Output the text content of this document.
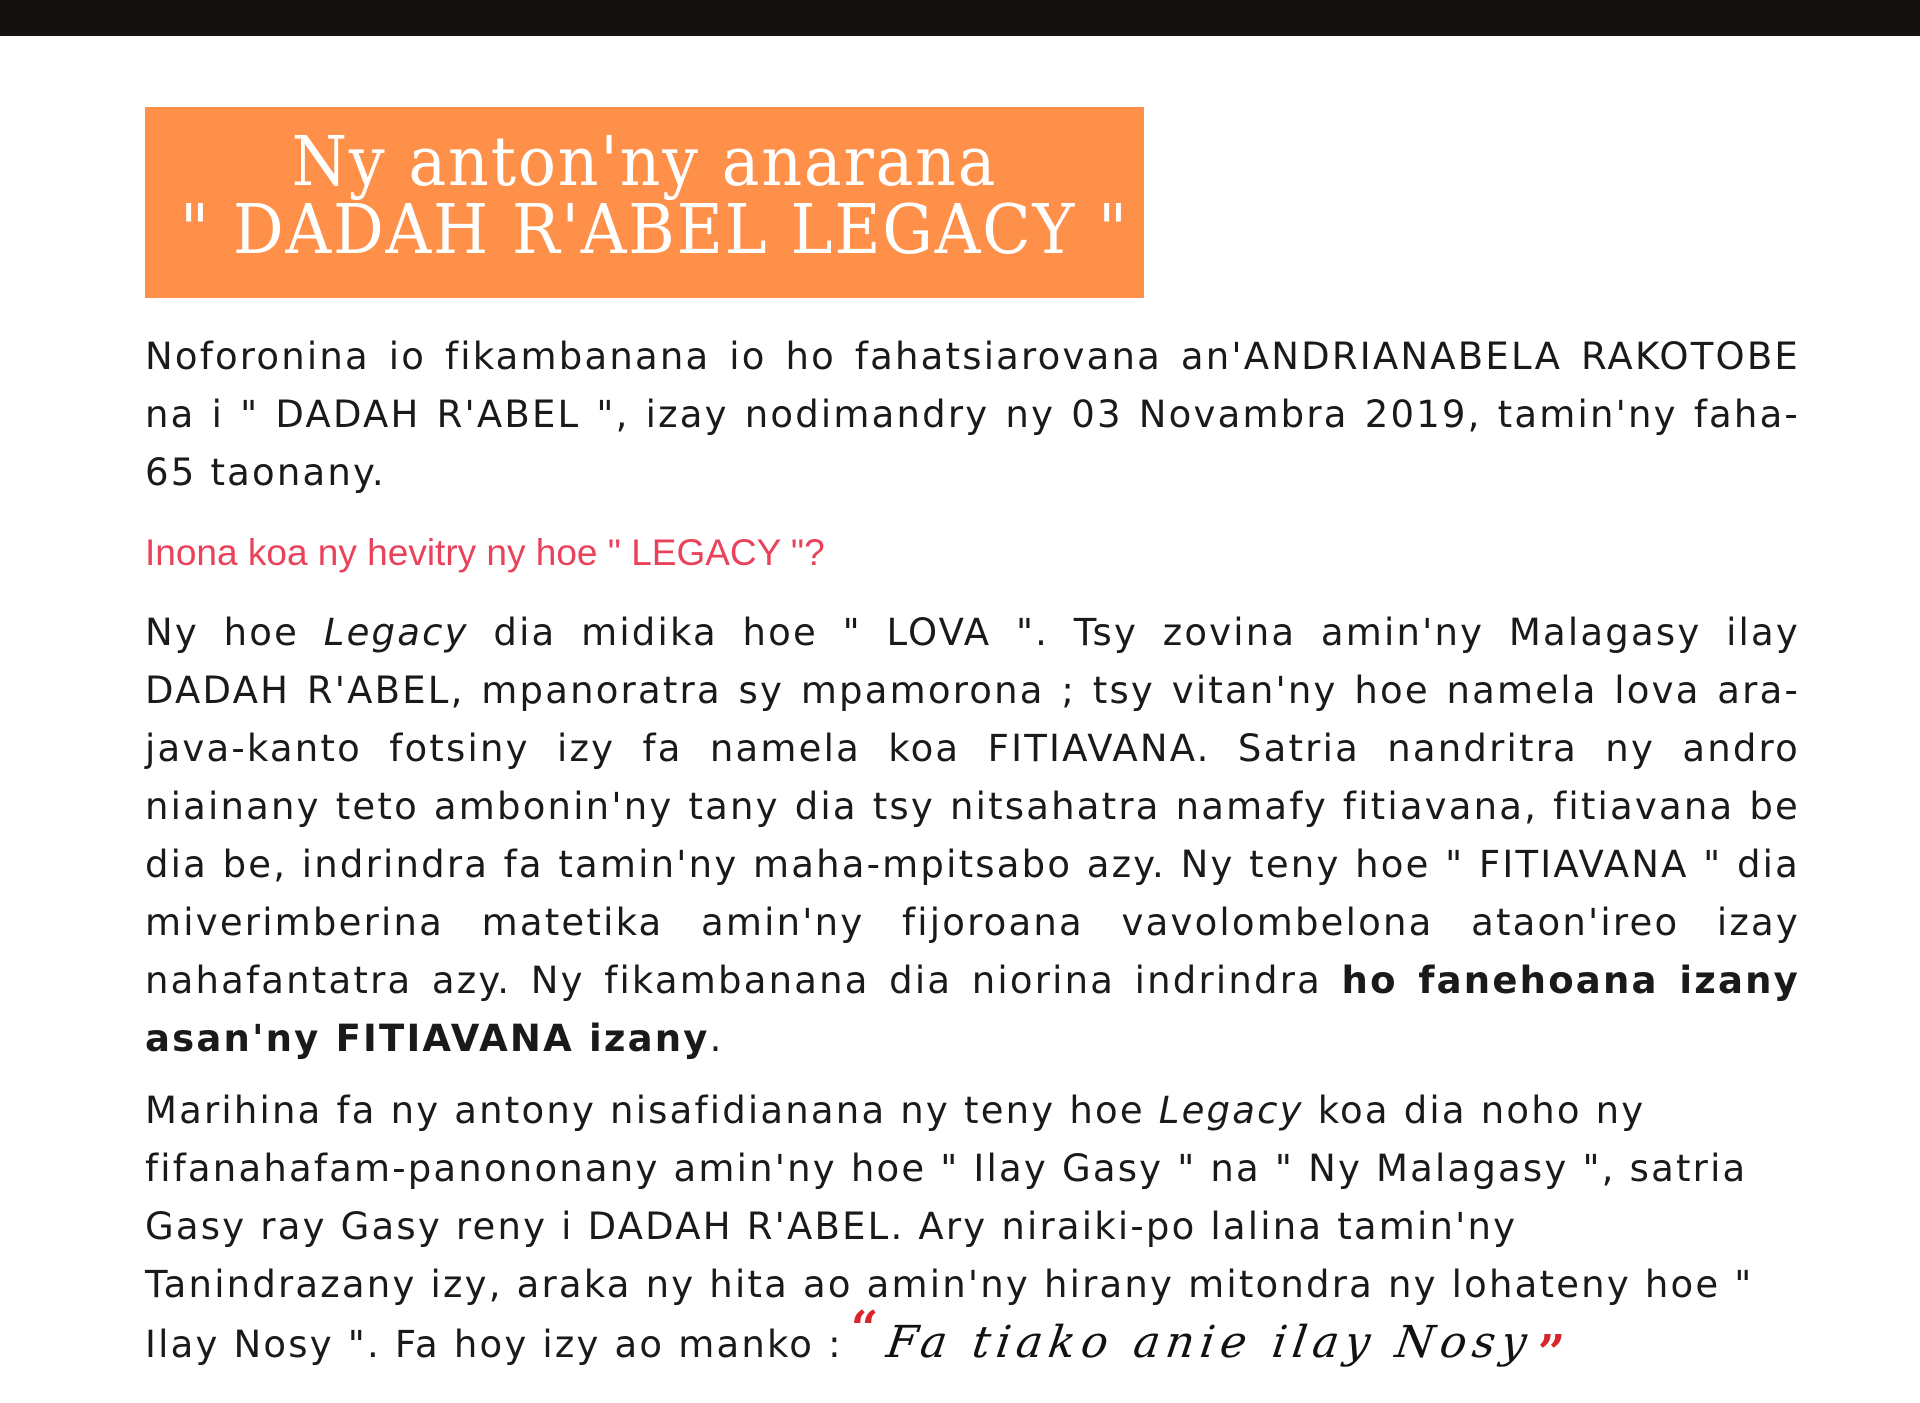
Ny anton'ny anarana
" DADAH R'ABEL LEGACY "

Noforonina io fikambanana io ho fahatsiarovana an'ANDRIANABELA RAKOTOBE na i " DADAH R'ABEL ", izay nodimandry ny 03 Novambra 2019, tamin'ny faha-65 taonany.

Inona koa ny hevitry ny hoe " LEGACY "?

Ny hoe Legacy dia midika hoe " LOVA ". Tsy zovina amin'ny Malagasy ilay DADAH R'ABEL, mpanoratra sy mpamorona ; tsy vitan'ny hoe namela lova ara-java-kanto fotsiny izy fa namela koa FITIAVANA. Satria nandritra ny andro niainany teto ambonin'ny tany dia tsy nitsahatra namafy fitiavana, fitiavana be dia be, indrindra fa tamin'ny maha-mpitsabo azy. Ny teny hoe " FITIAVANA " dia miverimberina matetika amin'ny fijoroana vavolombelona ataon'ireo izay nahafantatra azy. Ny fikambanana dia niorina indrindra ho fanehoana izany asan'ny FITIAVANA izany.

Marihina fa ny antony nisafidianana ny teny hoe Legacy koa dia noho ny fifanahafam-panononany amin'ny hoe " Ilay Gasy " na " Ny Malagasy ", satria Gasy ray Gasy reny i DADAH R'ABEL. Ary niraiki-po lalina tamin'ny Tanindrazany izy, araka ny hita ao amin'ny hirany mitondra ny lohateny hoe " Ilay Nosy ". Fa hoy izy ao manko : “Fa tiako anie ilay Nosy”
